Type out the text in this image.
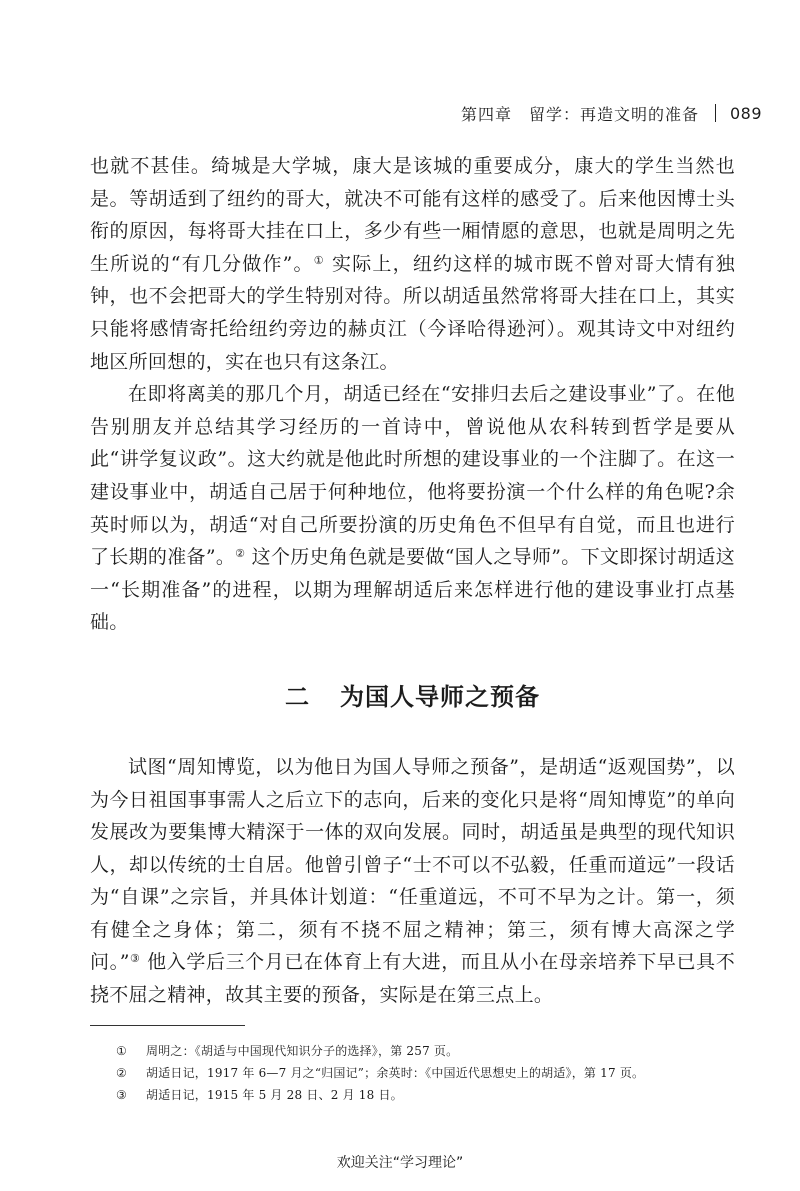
第四章　留学：再造文明的准备 089

也就不甚佳。绮城是大学城，康大是该城的重要成分，康大的学生当然也是。等胡适到了纽约的哥大，就决不可能有这样的感受了。后来他因博士头衔的原因，每将哥大挂在口上，多少有些一厢情愿的意思，也就是周明之先生所说的“有几分做作”。① 实际上，纽约这样的城市既不曾对哥大情有独钟，也不会把哥大的学生特别对待。所以胡适虽然常将哥大挂在口上，其实只能将感情寄托给纽约旁边的赫贞江（今译哈得逊河）。观其诗文中对纽约地区所回想的，实在也只有这条江。

在即将离美的那几个月，胡适已经在“安排归去后之建设事业”了。在他告别朋友并总结其学习经历的一首诗中，曾说他从农科转到哲学是要从此“讲学复议政”。这大约就是他此时所想的建设事业的一个注脚了。在这一建设事业中，胡适自己居于何种地位，他将要扮演一个什么样的角色呢?余英时师以为，胡适“对自己所要扮演的历史角色不但早有自觉，而且也进行了长期的准备”。② 这个历史角色就是要做“国人之导师”。下文即探讨胡适这一“长期准备”的进程，以期为理解胡适后来怎样进行他的建设事业打点基础。

二 为国人导师之预备

试图“周知博览，以为他日为国人导师之预备”，是胡适“返观国势”，以为今日祖国事事需人之后立下的志向，后来的变化只是将“周知博览”的单向发展改为要集博大精深于一体的双向发展。同时，胡适虽是典型的现代知识人，却以传统的士自居。他曾引曾子“士不可以不弘毅，任重而道远”一段话为“自课”之宗旨，并具体计划道：“任重道远，不可不早为之计。第一，须有健全之身体；第二，须有不挠不屈之精神；第三，须有博大高深之学问。”③ 他入学后三个月已在体育上有大进，而且从小在母亲培养下早已具不挠不屈之精神，故其主要的预备，实际是在第三点上。

①	周明之：《胡适与中国现代知识分子的选择》，第 257 页。
②	胡适日记，1917 年 6—7 月之“归国记”；余英时：《中国近代思想史上的胡适》，第 17 页。
③	胡适日记，1915 年 5 月 28 日、2 月 18 日。
欢迎关注“学习理论”
